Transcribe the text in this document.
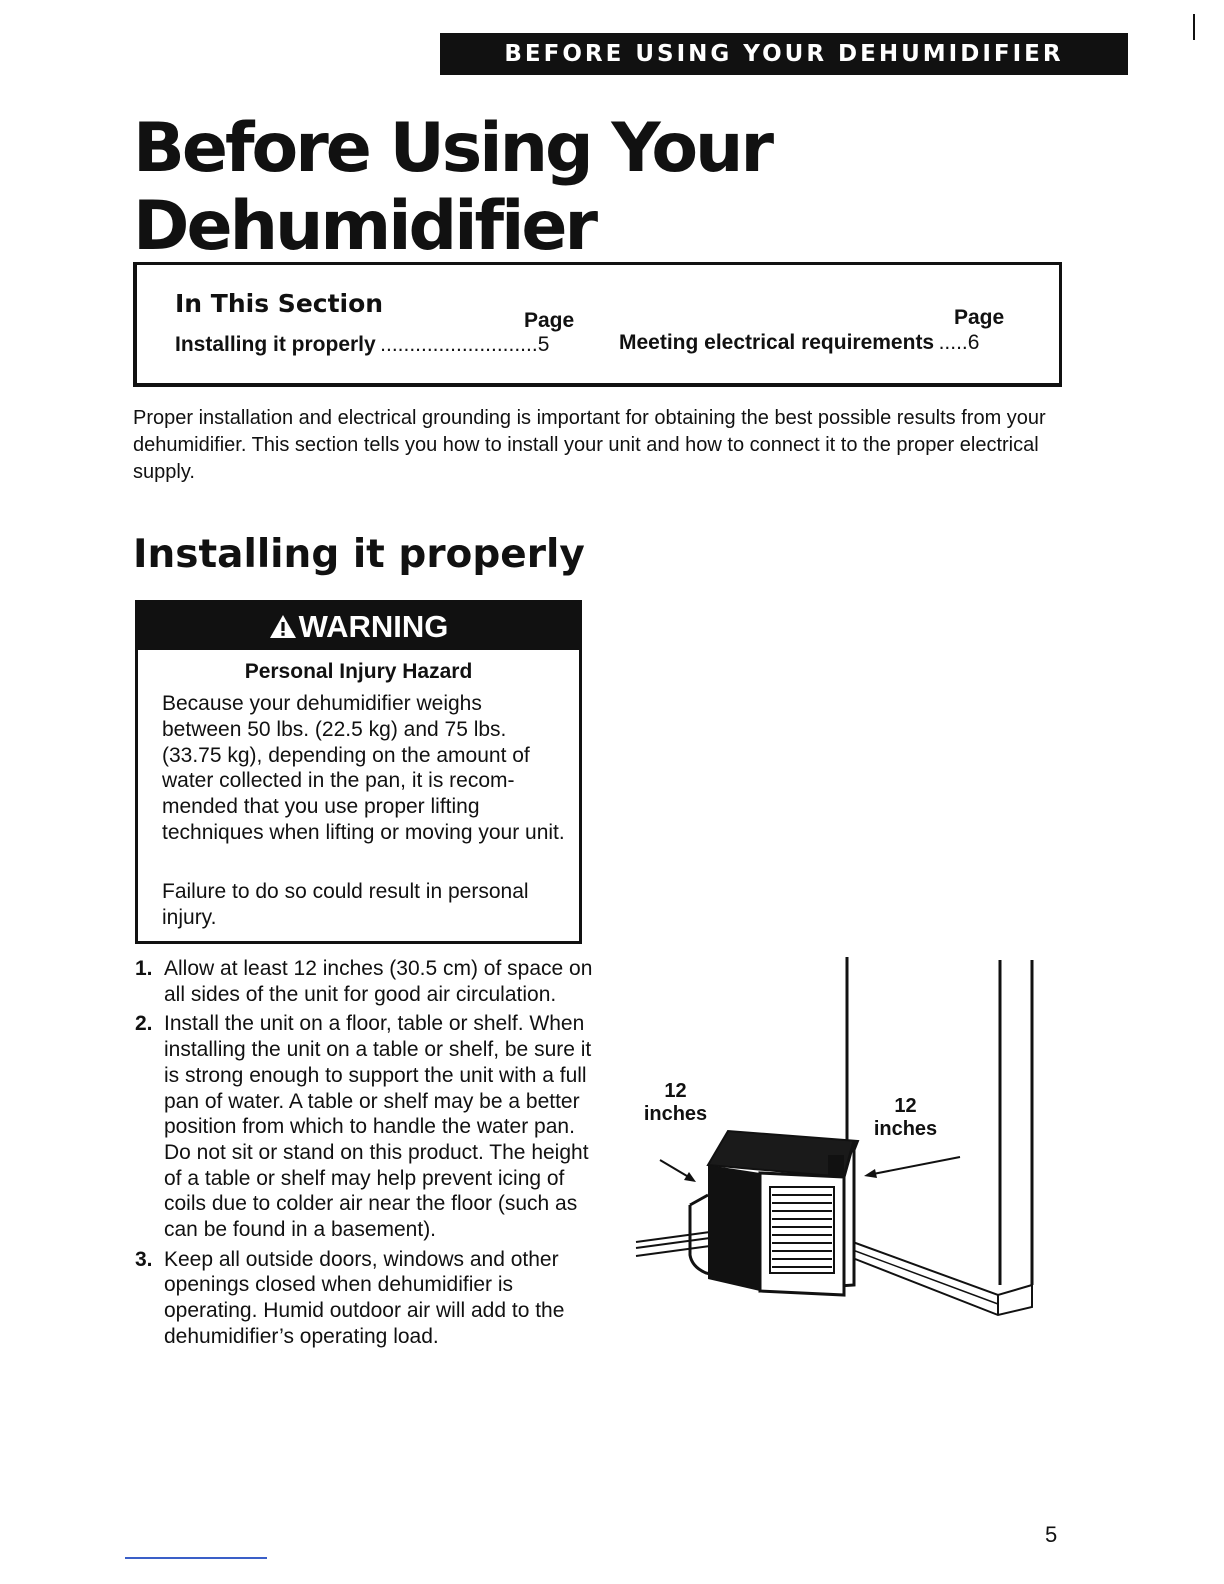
BEFORE USING YOUR DEHUMIDIFIER
Before Using Your
Dehumidifier
In This Section
Page	Page
Installing it properly ...........................5	Meeting electrical requirements .....6

Proper installation and electrical grounding is important for obtaining the best possible results from your dehumidifier. This section tells you how to install your unit and how to connect it to the proper electrical supply.

Installing it properly
WARNING
Personal Injury Hazard

Because your dehumidifier weighs between 50 lbs. (22.5 kg) and 75 lbs. (33.75 kg), depending on the amount of water collected in the pan, it is recom- mended that you use proper lifting techniques when lifting or moving your unit.

Failure to do so could result in personal injury.

1. Allow at least 12 inches (30.5 cm) of space on all sides of the unit for good air circulation.
2. Install the unit on a floor, table or shelf. When installing the unit on a table or shelf, be sure it is strong enough to support the unit with a full pan of water. A table or shelf may be a better position from which to handle the water pan. Do not sit or stand on this product. The height of a table or shelf may help prevent icing of coils due to colder air near the floor (such as can be found in a basement).
3. Keep all outside doors, windows and other openings closed when dehumidifier is operating. Humid outdoor air will add to the dehumidifier’s operating load.
12
inches	12
inches
5
